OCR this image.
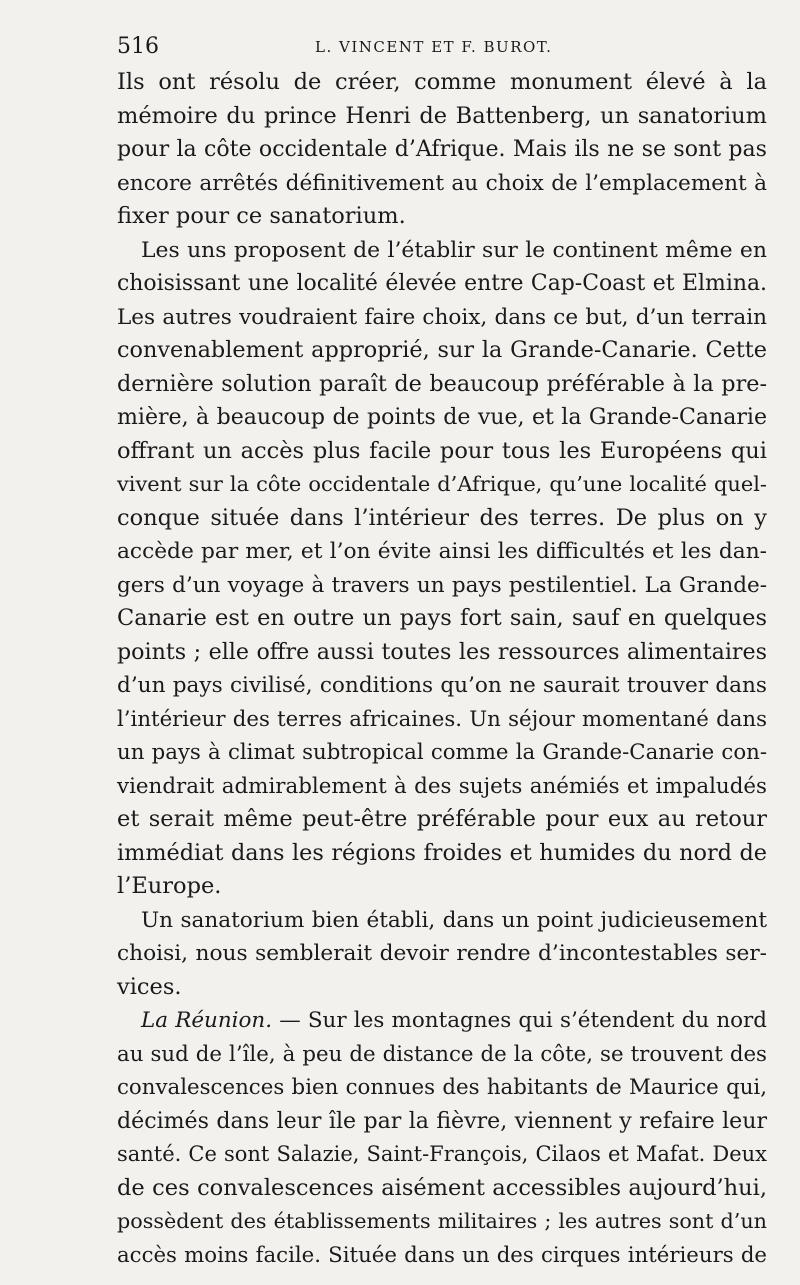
516	L. VINCENT ET F. BUROT.
Ils ont résolu de créer, comme monument élevé à la
mémoire du prince Henri de Battenberg, un sanatorium
pour la côte occidentale d’Afrique. Mais ils ne se sont pas
encore arrêtés définitivement au choix de l’emplacement à
fixer pour ce sanatorium.
Les uns proposent de l’établir sur le continent même en
choisissant une localité élevée entre Cap-Coast et Elmina.
Les autres voudraient faire choix, dans ce but, d’un terrain
convenablement approprié, sur la Grande-Canarie. Cette
dernière solution paraît de beaucoup préférable à la pre-
mière, à beaucoup de points de vue, et la Grande-Canarie
offrant un accès plus facile pour tous les Européens qui
vivent sur la côte occidentale d’Afrique, qu’une localité quel-
conque située dans l’intérieur des terres. De plus on y
accède par mer, et l’on évite ainsi les difficultés et les dan-
gers d’un voyage à travers un pays pestilentiel. La Grande-
Canarie est en outre un pays fort sain, sauf en quelques
points ; elle offre aussi toutes les ressources alimentaires
d’un pays civilisé, conditions qu’on ne saurait trouver dans
l’intérieur des terres africaines. Un séjour momentané dans
un pays à climat subtropical comme la Grande-Canarie con-
viendrait admirablement à des sujets anémiés et impaludés
et serait même peut-être préférable pour eux au retour
immédiat dans les régions froides et humides du nord de
l’Europe.
Un sanatorium bien établi, dans un point judicieusement
choisi, nous semblerait devoir rendre d’incontestables ser-
vices.
La Réunion. — Sur les montagnes qui s’étendent du nord
au sud de l’île, à peu de distance de la côte, se trouvent des
convalescences bien connues des habitants de Maurice qui,
décimés dans leur île par la fièvre, viennent y refaire leur
santé. Ce sont Salazie, Saint-François, Cilaos et Mafat. Deux
de ces convalescences aisément accessibles aujourd’hui,
possèdent des établissements militaires ; les autres sont d’un
accès moins facile. Située dans un des cirques intérieurs de
